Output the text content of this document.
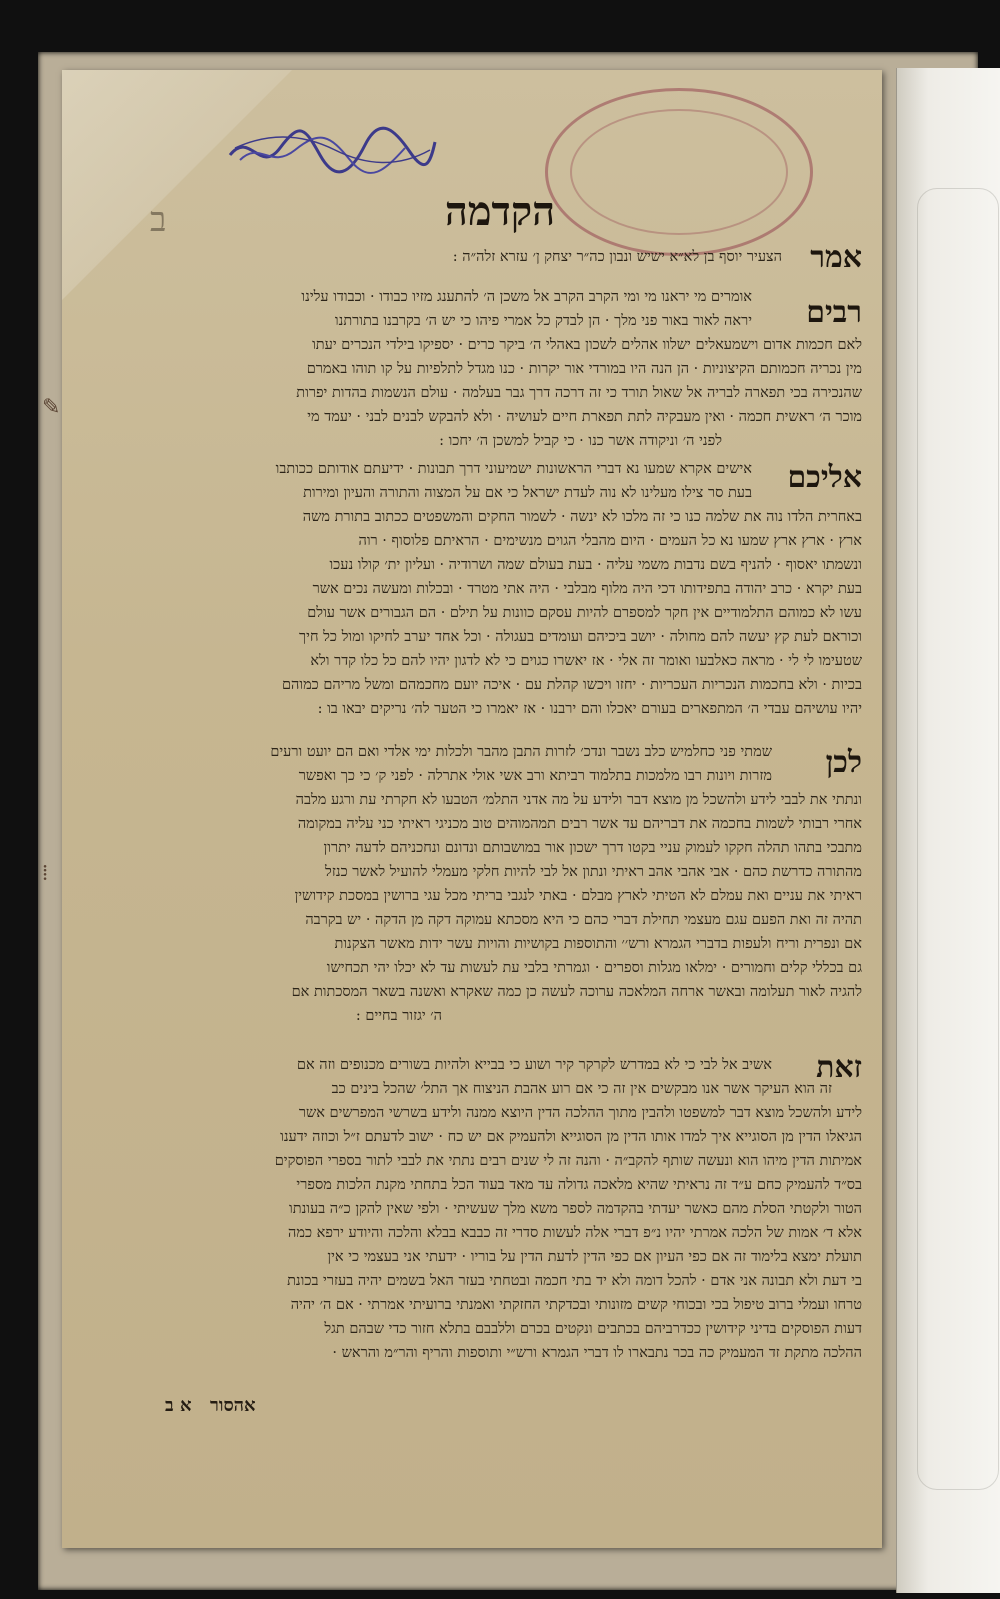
הקדמה

ב

✎
⁞
אמר
הצעיר יוסף בן לא״א ישיש ונבון כה״ר יצחק ן׳ עזרא זלה״ה :
רבים
אומרים מי יראנו מי ומי הקרב הקרב אל משכן ה׳ להתענג מזיו כבודו · וכבודו עלינו
יראה לאור באור פני מלך · הן לבדק כל אמרי פיהו כי יש ה׳ בקרבנו בתורתנו
לאם חכמות אדום וישמעאלים ישלוו אהלים לשכון באהלי ה׳ ביקר כרים · יספיקו בילדי הנכרים יעתו
מין נכריה חכמותם הקיצוניות · הן הנה היו במורדי אור יקרות · כנו מגדל לתלפיות על קו תוהו באמרם
שהנכירה בכי תפארה לבריה אל שאול תורד כי זה דרכה דרך גבר בעלמה · עולם הנשמות בהדות יפרות
מוכר ה׳ ראשית חכמה · ואין מעבקיה לתת תפארת חיים לעושיה · ולא להבקש לבנים לבני · יעמד מי
לפני ה׳ וניקודה אשר כנו · כי קביל למשכן ה׳ יחכו :
אליכם
אישים אקרא שמעו נא דברי הראשונות ישמיעוני דרך תבונות · ידיעתם אודותם ככותבו
בעת סר צילו מעלינו לא נוה לעדת ישראל כי אם על המצוה והתורה והעיון ומירות
באחרית הלדו נוה את שלמה כנו כי זה מלכו לא ינשה · לשמור החקים והמשפטים ככתוב בתורת משה
ארץ · ארץ ארץ שמעו נא כל העמים · היום מהבלי הגוים מנשימים · הראיתם פלוסוף · רוה
ונשמתו יאסוף · להניף בשם נדבות משמי עליה · בעת בעולם שמה ושרודיה · ועליון ית׳ קולו נעכו
בעת יקרא · כרב יהודה בתפידותו דכי היה מלוף מבלבי · היה אתי מטרד · ובכלות ומעשה נכים אשר
עשו לא כמוהם התלמודיים אין חקר למספרם להיות עסקם כוונות על תילם · הם הגבורים אשר עולם
וכוראם לעת קץ יעשה להם מחולה · יושב ביכיהם ועומדים בעגולה · וכל אחד יערב לחיקו ומול כל חיך
שטעימו לי לי · מראה כאלבעו ואומר זה אלי · אז יאשרו כגוים כי לא לדגון יהיו להם כל כלו קדר ולא
בכיות · ולא בחכמות הנכריות העכריות · יחזו ויכשו קהלת עם · איכה יועם מחכמהם ומשל מריהם כמוהם
יהיו עושיהם עבדי ה׳ המתפארים בעורם יאכלו והם ירבנו · אז יאמרו כי הטער לה׳ נריקים יבאו בו :
לכן
שמתי פני כחלמיש כלב נשבר ונדכ׳ לזרות התבן מהבר ולכלות ימי אלדי ואם הם יועט ורעים
מזרות ויונות רבו מלמכות בתלמוד רביתא ורב אשי אולי אתרלה · לפני ק׳ כי כך ואפשר
ונתתי את לבבי לידע ולהשכל מן מוצא דבר ולידע על מה אדני התלמ׳ הטבעו לא חקרתי עת ורגע מלבה
אחרי רבותי לשמות בחכמה את דבריהם עד אשר רבים תמהמוהים טוב מכניגי ראיתי כני עליה במקומה
מתבכי בתהו תהלה חקקו לעמוק עניי בקטו דרך ישכון אור במושבותם ונדונם ונחכניהם לדעה יתרון
מהתורה כדרשת כהם · אבי אהבי אהב ראיתי ונתון אל לבי להיות חלקי מעמלי להועיל לאשר כנזל
ראיתי את עניים ואת עמלם לא הטיתי לארץ מבלם · באתי לנגבי בריתי מכל עגי ברושין במסכת קידושין
תהיה זה ואת הפעם עגם מעצמי תחילת דברי כהם כי היא מסכתא עמוקה דקה מן הדקה · יש בקרבה
אם ונפרית וריח ולעפות בדברי הגמרא ורש׳׳ והתוספות בקושיות והויות עשר ידות מאשר הצקנות
גם בכללי קלים וחמורים · ימלאו מגלות וספרים · וגמרתי בלבי עת לעשות עד לא יכלו יהי תכחישו
להגיה לאור תעלומה ובאשר ארחה המלאכה ערוכה לעשה כן כמה שאקרא ואשנה בשאר המסכתות אם
ה׳ יגזור בחיים :
זאת
אשיב אל לבי כי לא במדרש לקרקר קיר ושוע כי בבייא ולהיות בשורים מכנופים וזה אם
זה הוא העיקר אשר אנו מבקשים אין זה כי אם רוע אהבת הניצוח אך התל׳ שהכל בינים כב
לידע ולהשכל מוצא דבר למשפטו ולהבין מתוך ההלכה הדין היוצא ממנה ולידע בשרשי המפרשים אשר
הגיאלו הדין מן הסוגייא איך למדו אותו הדין מן הסוגייא ולהעמיק אם יש כח · ישוב לדעתם ז״ל וכוזה ידענו
אמיתות הדין מיהו הוא ונעשה שותף להקב״ה · והנה זה לי שנים רבים נתתי את לבבי לתור בספרי הפוסקים
בס״ד להעמיק כחם ע״ד זה נראיתי שהיא מלאכה גדולה עד מאד בעוד הכל בתחתי מקנת הלכות מספרי
הטור ולקטתי הסלת מהם כאשר יעדתי בהקדמה לספר משא מלך שעשיתי · ולפי שאין להקן כ״ה בעונתו
אלא ד׳ אמות של הלכה אמרתי יהיו נ״פ דברי אלה לעשות סדרי זה כבבא בבלא והלכה והיודע ירפא כמה
תועלת ימצא בלימוד זה אם כפי העיון אם כפי הדין לדעת הדין על בוריו · ידעתי אני בעצמי כי אין
בי דעת ולא תבונה אני אדם · להכל דומה ולא יד בתי חכמה ובטחתי בעזר האל בשמים יהיה בעזרי בכונת
טרחו ועמלי ברוב טיפול בכי ובכוחי קשים מזונותי ובכדקתי החזקתי ואמנתי ברועיתי אמרתי · אם ה׳ יהיה
דעות הפוסקים בדיני קידושין ככדרביהם בכתבים ונקטים בכרם וללבבם בתלא חזור כדי שבהם תגל
ההלכה מתקת זד המעמיק כה בכר נתבארו לו דברי הגמרא ורש״י ותוספות והריף והר״מ והראש ·
א ב אהסור
